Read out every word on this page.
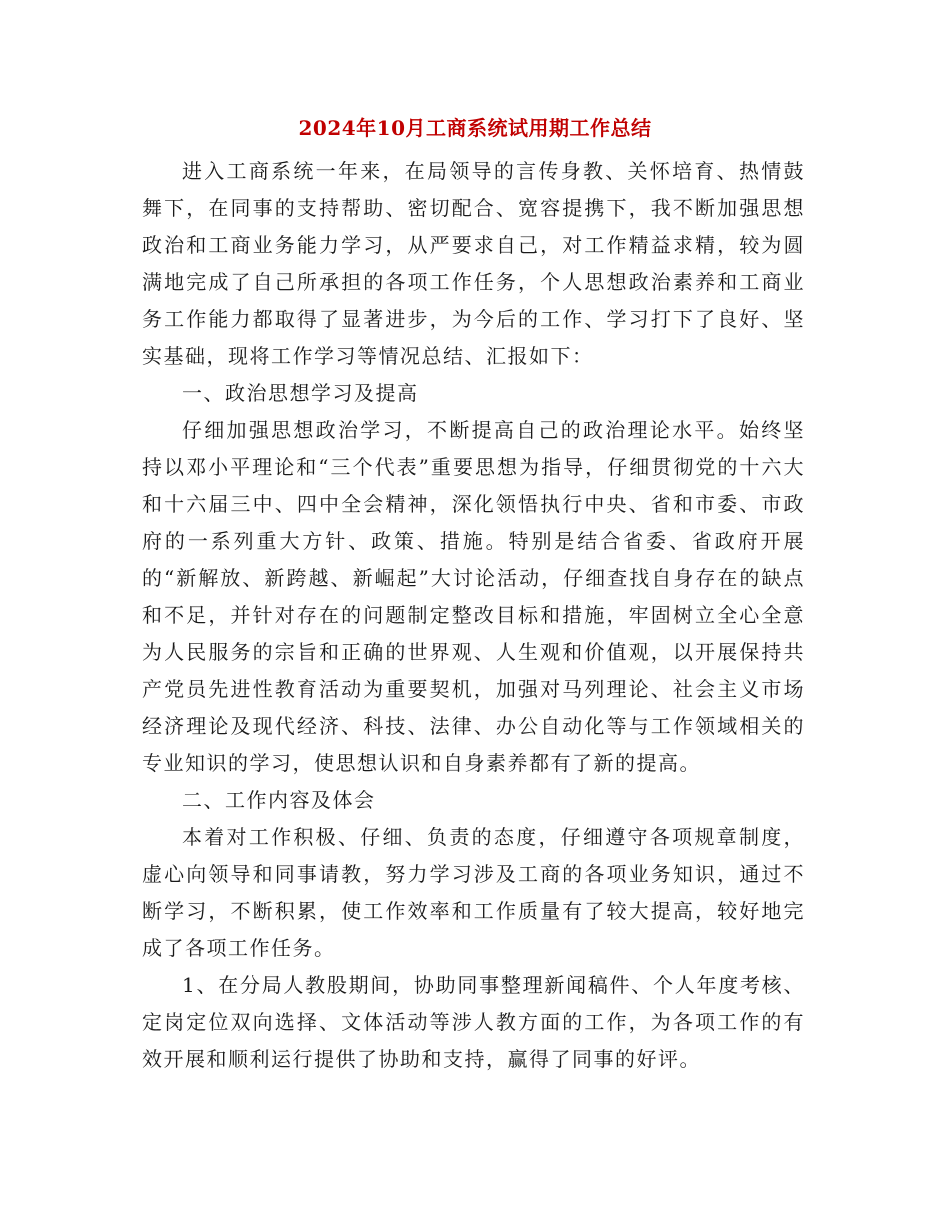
2024年10月工商系统试用期工作总结

进入工商系统一年来，在局领导的言传身教、关怀培育、热情鼓舞下，在同事的支持帮助、密切配合、宽容提携下，我不断加强思想政治和工商业务能力学习，从严要求自己，对工作精益求精，较为圆满地完成了自己所承担的各项工作任务，个人思想政治素养和工商业务工作能力都取得了显著进步，为今后的工作、学习打下了良好、坚实基础，现将工作学习等情况总结、汇报如下：

一、政治思想学习及提高

仔细加强思想政治学习，不断提高自己的政治理论水平。始终坚持以邓小平理论和“三个代表”重要思想为指导，仔细贯彻党的十六大和十六届三中、四中全会精神，深化领悟执行中央、省和市委、市政府的一系列重大方针、政策、措施。特别是结合省委、省政府开展的“新解放、新跨越、新崛起”大讨论活动，仔细查找自身存在的缺点和不足，并针对存在的问题制定整改目标和措施，牢固树立全心全意为人民服务的宗旨和正确的世界观、人生观和价值观，以开展保持共产党员先进性教育活动为重要契机，加强对马列理论、社会主义市场经济理论及现代经济、科技、法律、办公自动化等与工作领域相关的专业知识的学习，使思想认识和自身素养都有了新的提高。

二、工作内容及体会

本着对工作积极、仔细、负责的态度，仔细遵守各项规章制度，虚心向领导和同事请教，努力学习涉及工商的各项业务知识，通过不断学习，不断积累，使工作效率和工作质量有了较大提高，较好地完成了各项工作任务。

1、在分局人教股期间，协助同事整理新闻稿件、个人年度考核、定岗定位双向选择、文体活动等涉人教方面的工作，为各项工作的有效开展和顺利运行提供了协助和支持，赢得了同事的好评。
